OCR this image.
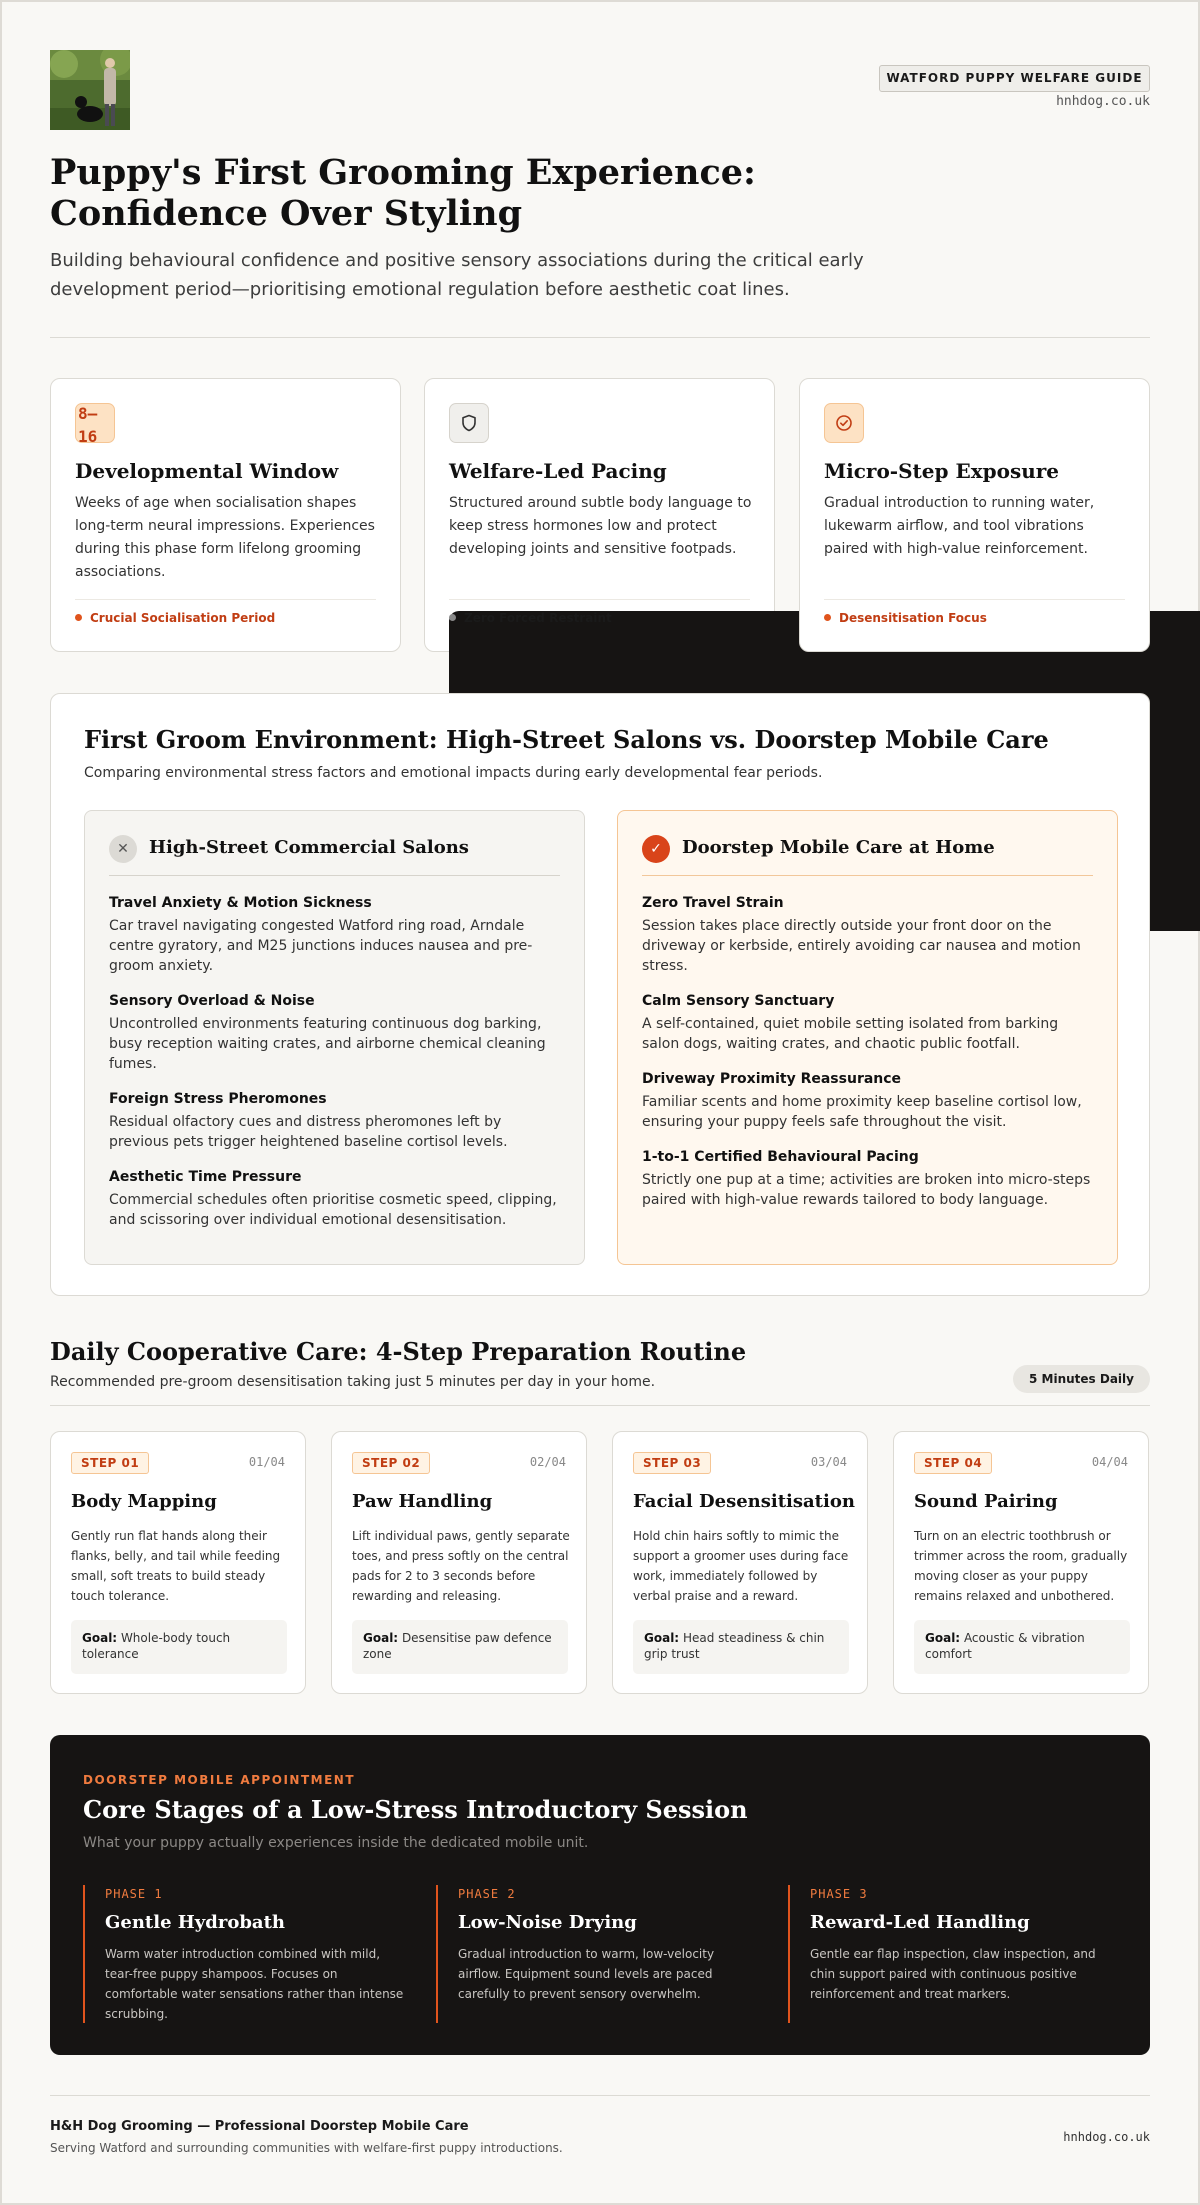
WATFORD PUPPY WELFARE GUIDE
hnhdog.co.uk
Puppy's First Grooming Experience: Confidence Over Styling

Building behavioural confidence and positive sensory associations during the critical early development period—prioritising emotional regulation before aesthetic coat lines.

8–16
Developmental Window

Weeks of age when socialisation shapes long-term neural impressions. Experiences during this phase form lifelong grooming associations.

Crucial Socialisation Period
Welfare-Led Pacing

Structured around subtle body language to keep stress hormones low and protect developing joints and sensitive footpads.

Zero Forced Restraint
Micro-Step Exposure

Gradual introduction to running water, lukewarm airflow, and tool vibrations paired with high-value reinforcement.

Desensitisation Focus
First Groom Environment: High-Street Salons vs. Doorstep Mobile Care

Comparing environmental stress factors and emotional impacts during early developmental fear periods.

✕	High-Street Commercial Salons
Travel Anxiety & Motion Sickness
Car travel navigating congested Watford ring road, Arndale centre gyratory, and M25 junctions induces nausea and pre-groom anxiety.
Sensory Overload & Noise
Uncontrolled environments featuring continuous dog barking, busy reception waiting crates, and airborne chemical cleaning fumes.
Foreign Stress Pheromones
Residual olfactory cues and distress pheromones left by previous pets trigger heightened baseline cortisol levels.
Aesthetic Time Pressure
Commercial schedules often prioritise cosmetic speed, clipping, and scissoring over individual emotional desensitisation.
✓	Doorstep Mobile Care at Home
Zero Travel Strain
Session takes place directly outside your front door on the driveway or kerbside, entirely avoiding car nausea and motion stress.
Calm Sensory Sanctuary
A self-contained, quiet mobile setting isolated from barking salon dogs, waiting crates, and chaotic public footfall.
Driveway Proximity Reassurance
Familiar scents and home proximity keep baseline cortisol low, ensuring your puppy feels safe throughout the visit.
1-to-1 Certified Behavioural Pacing
Strictly one pup at a time; activities are broken into micro-steps paired with high-value rewards tailored to body language.
Daily Cooperative Care: 4-Step Preparation Routine

Recommended pre-groom desensitisation taking just 5 minutes per day in your home.	5 Minutes Daily
STEP 01	01/04
Body Mapping

Gently run flat hands along their flanks, belly, and tail while feeding small, soft treats to build steady touch tolerance.

Goal: Whole-body touch tolerance
STEP 02	02/04
Paw Handling

Lift individual paws, gently separate toes, and press softly on the central pads for 2 to 3 seconds before rewarding and releasing.

Goal: Desensitise paw defence zone
STEP 03	03/04
Facial Desensitisation

Hold chin hairs softly to mimic the support a groomer uses during face work, immediately followed by verbal praise and a reward.

Goal: Head steadiness & chin grip trust
STEP 04	04/04
Sound Pairing

Turn on an electric toothbrush or trimmer across the room, gradually moving closer as your puppy remains relaxed and unbothered.

Goal: Acoustic & vibration comfort
DOORSTEP MOBILE APPOINTMENT
Core Stages of a Low-Stress Introductory Session

What your puppy actually experiences inside the dedicated mobile unit.

PHASE 1
Gentle Hydrobath

Warm water introduction combined with mild, tear-free puppy shampoos. Focuses on comfortable water sensations rather than intense scrubbing.

PHASE 2
Low-Noise Drying

Gradual introduction to warm, low-velocity airflow. Equipment sound levels are paced carefully to prevent sensory overwhelm.

PHASE 3
Reward-Led Handling

Gentle ear flap inspection, claw inspection, and chin support paired with continuous positive reinforcement and treat markers.

H&H Dog Grooming — Professional Doorstep Mobile Care
Serving Watford and surrounding communities with welfare-first puppy introductions.
hnhdog.co.uk
